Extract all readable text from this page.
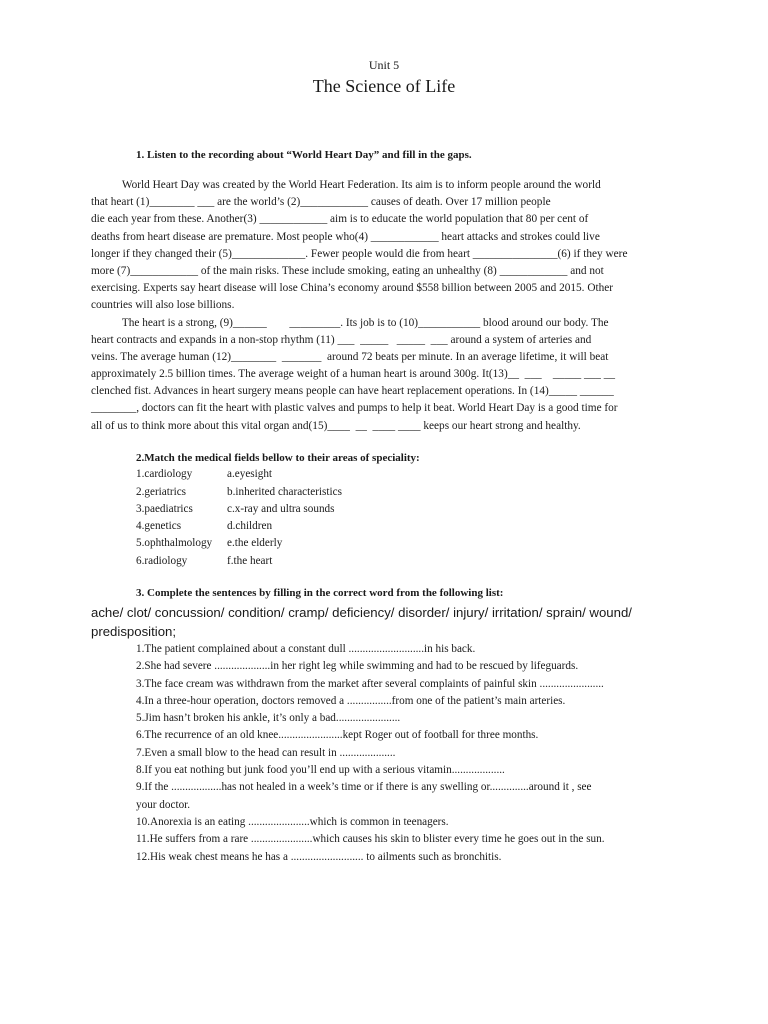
Unit 5
The Science of Life
1. Listen to the recording about “World Heart Day” and fill in the gaps.
World Heart Day was created by the World Heart Federation. Its aim is to inform people around the world
that heart (1)________ ___ are the world’s (2)____________ causes of death. Over 17 million people
die each year from these. Another(3) ____________ aim is to educate the world population that 80 per cent of
deaths from heart disease are premature. Most people who(4) ____________ heart attacks and strokes could live
longer if they changed their (5)_____________. Fewer people would die from heart _______________(6) if they were
more (7)____________ of the main risks. These include smoking, eating an unhealthy (8) ____________ and not
exercising. Experts say heart disease will lose China’s economy around $558 billion between 2005 and 2015. Other
countries will also lose billions.
The heart is a strong, (9)______        _________. Its job is to (10)___________ blood around our body. The
heart contracts and expands in a non-stop rhythm (11) ___  _____   _____  ___ around a system of arteries and
veins. The average human (12)________  _______  around 72 beats per minute. In an average lifetime, it will beat
approximately 2.5 billion times. The average weight of a human heart is around 300g. It(13)__  ___    _____ ___ __
clenched fist. Advances in heart surgery means people can have heart replacement operations. In (14)_____ ______
________, doctors can fit the heart with plastic valves and pumps to help it beat. World Heart Day is a good time for
all of us to think more about this vital organ and(15)____  __  ____ ____ keeps our heart strong and healthy.
2.Match the medical fields bellow to their areas of speciality:
1.cardiology	a.eyesight
2.geriatrics	b.inherited characteristics
3.paediatrics	c.x-ray and ultra sounds
4.genetics	d.children
5.ophthalmology e.the elderly
6.radiology	f.the heart
3. Complete the sentences by filling in the correct word from the following list:
ache/ clot/ concussion/ condition/ cramp/ deficiency/ disorder/ injury/ irritation/ sprain/ wound/
predisposition;
1.The patient complained about a constant dull ...........................in his back.
2.She had severe ....................in her right leg while swimming and had to be rescued by lifeguards.
3.The face cream was withdrawn from the market after several complaints of painful skin .......................
4.In a three-hour operation, doctors removed a ................from one of the patient’s main arteries.
5.Jim hasn’t broken his ankle, it’s only a bad.......................
6.The recurrence of an old knee.......................kept Roger out of football for three months.
7.Even a small blow to the head can result in ....................
8.If you eat nothing but junk food you’ll end up with a serious vitamin...................
9.If the ..................has not healed in a week’s time or if there is any swelling or..............around it , see
your doctor.
10.Anorexia is an eating ......................which is common in teenagers.
11.He suffers from a rare ......................which causes his skin to blister every time he goes out in the sun.
12.His weak chest means he has a .......................... to ailments such as bronchitis.
